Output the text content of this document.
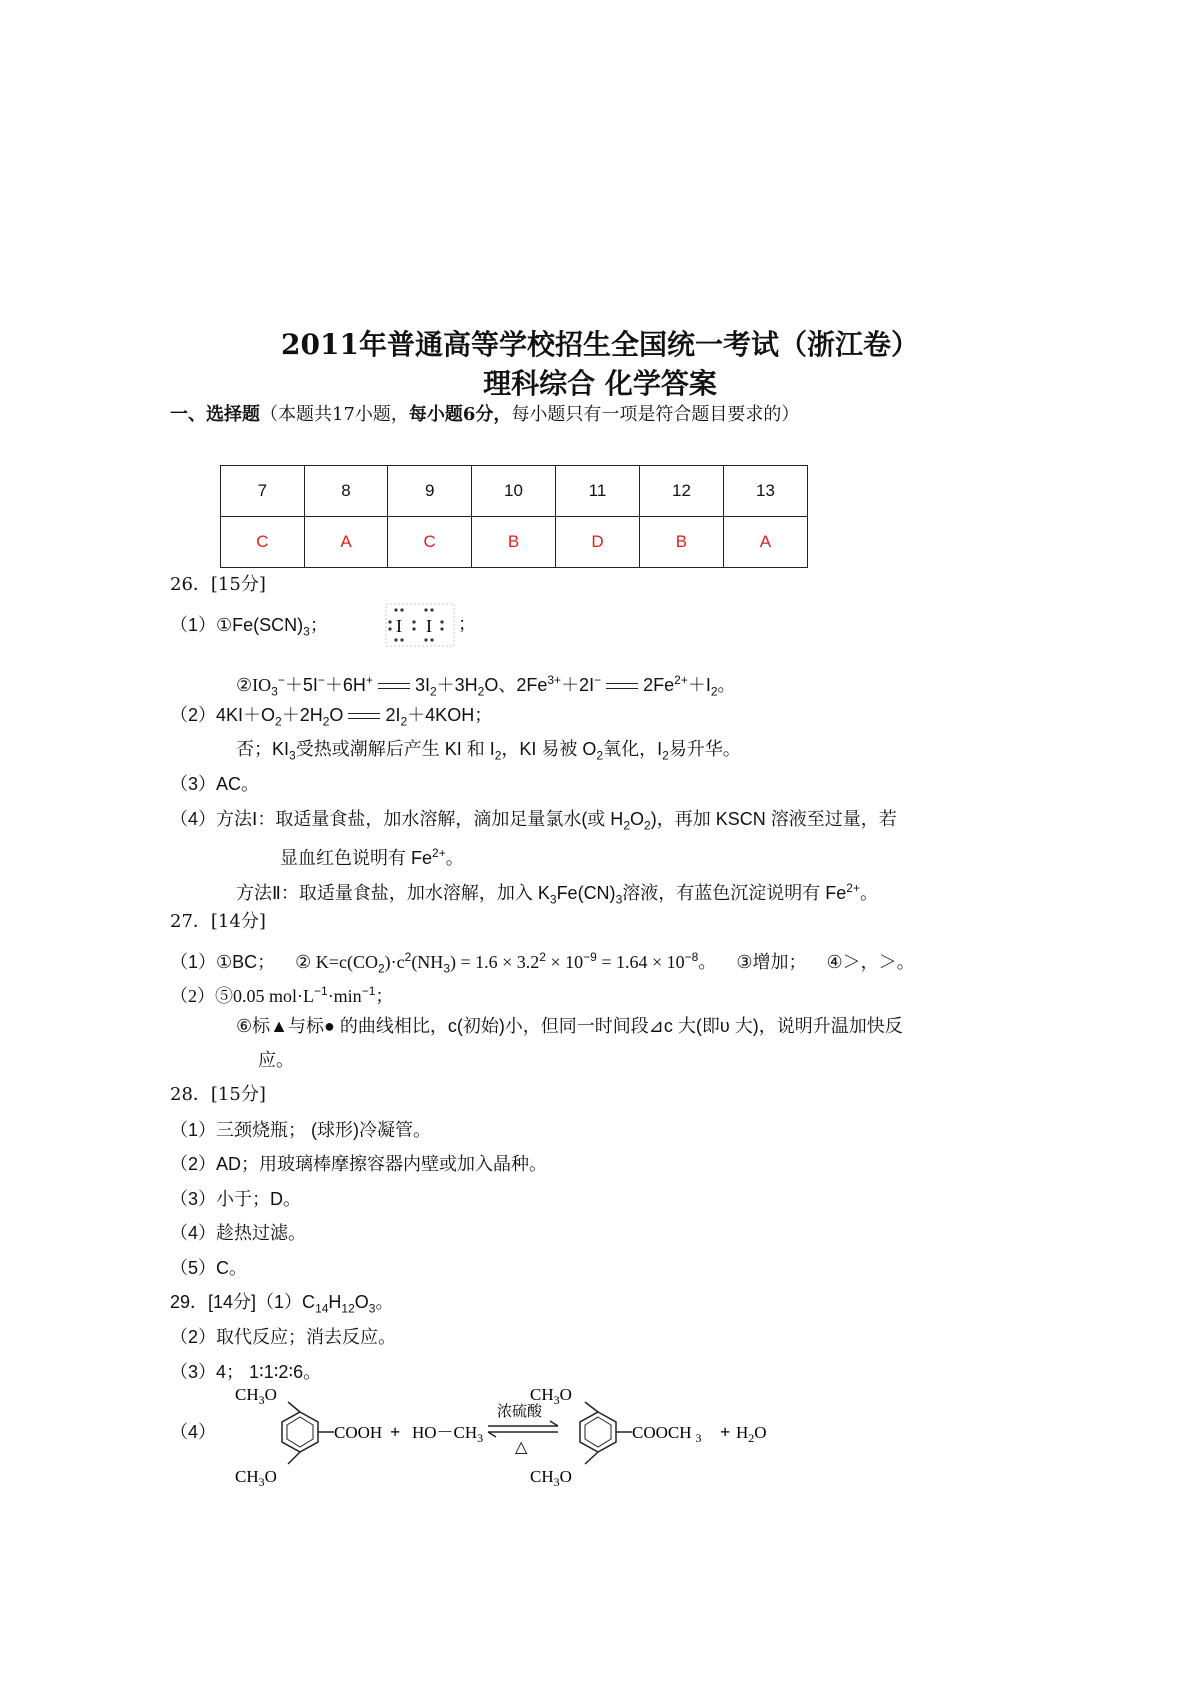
2011年普通高等学校招生全国统一考试（浙江卷）
理科综合 化学答案
一、选择题（本题共17小题，每小题6分，每小题只有一项是符合题目要求的）
7	8	9	10	11	12	13
C	A	C	B	D	B	A
26．[15分]
$(1)①Fe(SCN)_3$；	I I ；
$②IO_3^-+5I^-+6H^+$ $3I_2+3H_2O$、$2Fe^{3+}+2I^-$ $2Fe^{2+}+I_2$。
$(2)4KI+O_2+2H_2O$ $2I_2+4KOH$；
否；$KI_3$受热或潮解后产生 KI 和 $I_2$，KI 易被 $O_2$氧化，$I_2$易升华。
（3）AC。
（4）方法Ⅰ：取适量食盐，加水溶解，滴加足量氯水(或 $H_2O_2$)，再加 KSCN 溶液至过量，若
显血红色说明有 $Fe^{2+}$。
方法Ⅱ：取适量食盐，加水溶解，加入 $K_3Fe(CN)_3$溶液，有蓝色沉淀说明有 $Fe^{2+}$。
27．[14分]
（1）①BC； ② $K=c(CO_2)\cdot c^2(NH_3) = 1.6 \times 3.2^2 \times 10^{-9} = 1.64 \times 10^{-8}$。 ③增加； ④＞，＞。
（2）⑤0.05 $mol\cdot L^{-1}\cdot\min^{-1}$；
⑥标▲与标● 的曲线相比，c(初始)小，但同一时间段⊿c 大(即υ 大)，说明升温加快反
应。
28．[15分]
（1）三颈烧瓶； (球形)冷凝管。
（2）AD；用玻璃棒摩擦容器内壁或加入晶种。
（3）小于；D。
（4）趁热过滤。
（5）C。
29．[14分]$(1)C_{14}H_{12}O_3$。
（2）取代反应；消去反应。
（3）4； 1∶1∶2∶6。
（4）
$CH_3O$
COOH
$CH_3O$
+ $HO-CH_3$
浓硫酸
△
$CH_3O$
COOCH $_3$
$CH_3O$
+ $H_2O$
